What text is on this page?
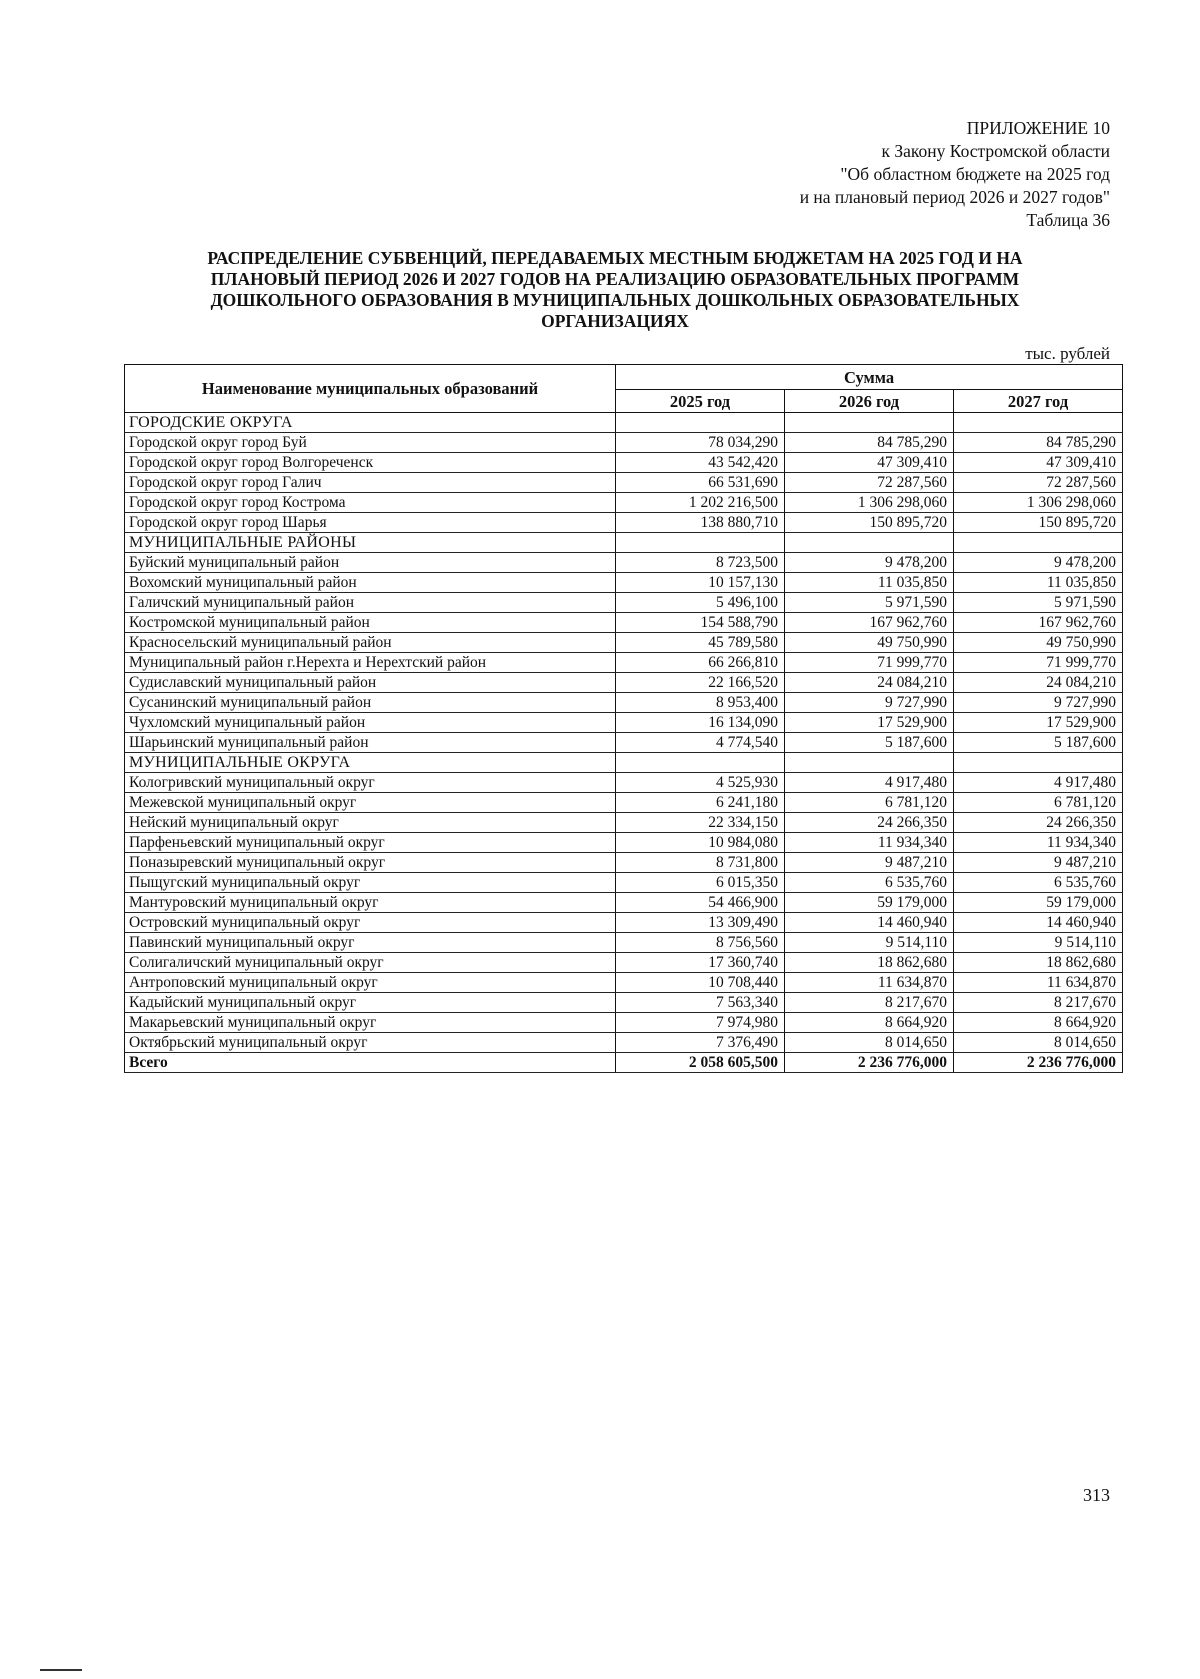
ПРИЛОЖЕНИЕ 10
к Закону Костромской области
"Об областном бюджете на 2025 год
и на плановый период 2026 и 2027 годов"
Таблица 36
РАСПРЕДЕЛЕНИЕ СУБВЕНЦИЙ, ПЕРЕДАВАЕМЫХ МЕСТНЫМ БЮДЖЕТАМ НА 2025 ГОД И НА
ПЛАНОВЫЙ ПЕРИОД 2026 И 2027 ГОДОВ НА РЕАЛИЗАЦИЮ ОБРАЗОВАТЕЛЬНЫХ ПРОГРАММ
ДОШКОЛЬНОГО ОБРАЗОВАНИЯ В МУНИЦИПАЛЬНЫХ ДОШКОЛЬНЫХ ОБРАЗОВАТЕЛЬНЫХ
ОРГАНИЗАЦИЯХ
тыс. рублей
Наименование муниципальных образований	Сумма		
	2025 год	2026 год	2027 год
ГОРОДСКИЕ ОКРУГА			
Городской округ город Буй	78 034,290	84 785,290	84 785,290
Городской округ город Волгореченск	43 542,420	47 309,410	47 309,410
Городской округ город Галич	66 531,690	72 287,560	72 287,560
Городской округ город Кострома	1 202 216,500	1 306 298,060	1 306 298,060
Городской округ город Шарья	138 880,710	150 895,720	150 895,720
МУНИЦИПАЛЬНЫЕ РАЙОНЫ			
Буйский муниципальный район	8 723,500	9 478,200	9 478,200
Вохомский муниципальный район	10 157,130	11 035,850	11 035,850
Галичский муниципальный район	5 496,100	5 971,590	5 971,590
Костромской муниципальный район	154 588,790	167 962,760	167 962,760
Красносельский муниципальный район	45 789,580	49 750,990	49 750,990
Муниципальный район г.Нерехта и Нерехтский район	66 266,810	71 999,770	71 999,770
Судиславский муниципальный район	22 166,520	24 084,210	24 084,210
Сусанинский муниципальный район	8 953,400	9 727,990	9 727,990
Чухломский муниципальный район	16 134,090	17 529,900	17 529,900
Шарьинский муниципальный район	4 774,540	5 187,600	5 187,600
МУНИЦИПАЛЬНЫЕ ОКРУГА			
Кологривский муниципальный округ	4 525,930	4 917,480	4 917,480
Межевской муниципальный округ	6 241,180	6 781,120	6 781,120
Нейский муниципальный округ	22 334,150	24 266,350	24 266,350
Парфеньевский муниципальный округ	10 984,080	11 934,340	11 934,340
Поназыревский муниципальный округ	8 731,800	9 487,210	9 487,210
Пыщугский муниципальный округ	6 015,350	6 535,760	6 535,760
Мантуровский муниципальный округ	54 466,900	59 179,000	59 179,000
Островский муниципальный округ	13 309,490	14 460,940	14 460,940
Павинский муниципальный округ	8 756,560	9 514,110	9 514,110
Солигаличский муниципальный округ	17 360,740	18 862,680	18 862,680
Антроповский муниципальный округ	10 708,440	11 634,870	11 634,870
Кадыйский муниципальный округ	7 563,340	8 217,670	8 217,670
Макарьевский муниципальный округ	7 974,980	8 664,920	8 664,920
Октябрьский муниципальный округ	7 376,490	8 014,650	8 014,650
Всего	2 058 605,500	2 236 776,000	2 236 776,000
313
